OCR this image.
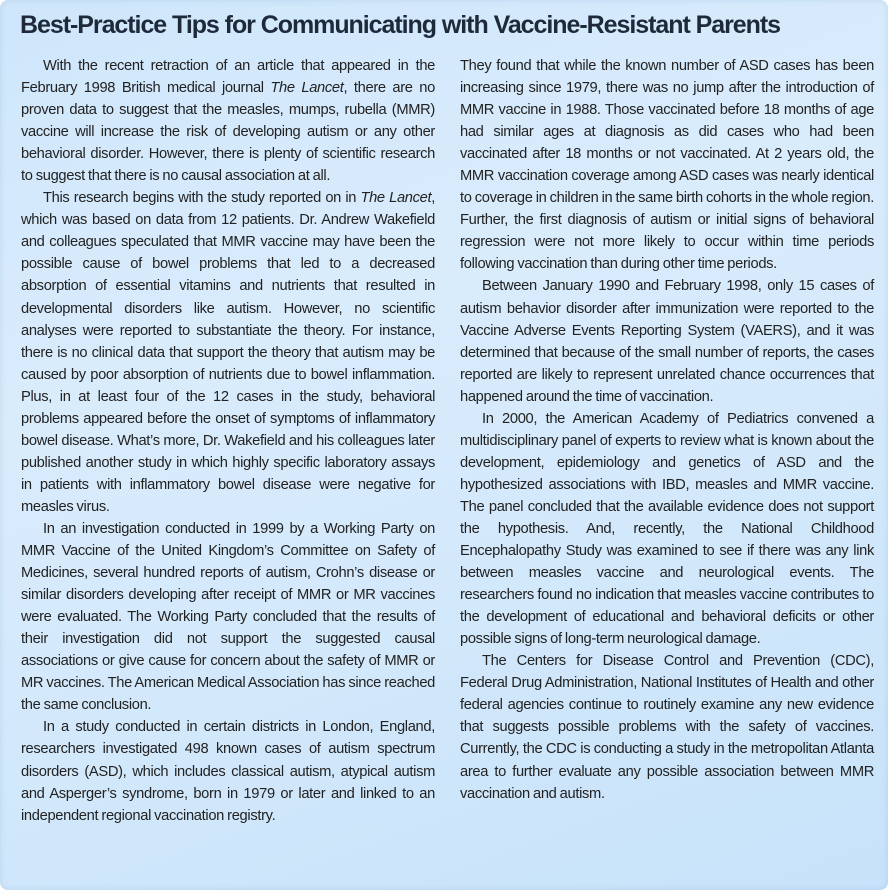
Best-Practice Tips for Communicating with Vaccine-Resistant Parents

With the recent retraction of an article that appeared in the February 1998 British medical journal The Lancet, there are no proven data to suggest that the measles, mumps, rubella (MMR) vaccine will increase the risk of developing autism or any other behavioral disorder. However, there is plenty of scientific research to suggest that there is no causal association at all.

This research begins with the study reported on in The Lancet, which was based on data from 12 patients. Dr. Andrew Wakefield and colleagues speculated that MMR vaccine may have been the possible cause of bowel problems that led to a decreased absorption of essential vitamins and nutrients that resulted in developmental disorders like autism. However, no scientific analyses were reported to substantiate the theory. For instance, there is no clinical data that support the theory that autism may be caused by poor absorption of nutrients due to bowel inflammation. Plus, in at least four of the 12 cases in the study, behavioral problems appeared before the onset of symptoms of inflammatory bowel disease. What’s more, Dr. Wakefield and his colleagues later published another study in which highly specific laboratory assays in patients with inflammatory bowel disease were negative for measles virus.

In an investigation conducted in 1999 by a Working Party on MMR Vaccine of the United Kingdom’s Committee on Safety of Medicines, several hundred reports of autism, Crohn’s disease or similar disorders developing after receipt of MMR or MR vaccines were evaluated. The Working Party concluded that the results of their investigation did not support the suggested causal associations or give cause for concern about the safety of MMR or MR vaccines. The American Medical Association has since reached the same conclusion.

In a study conducted in certain districts in London, England, researchers investigated 498 known cases of autism spectrum disorders (ASD), which includes classical autism, atypical autism and Asperger’s syndrome, born in 1979 or later and linked to an independent regional vaccination registry.

They found that while the known number of ASD cases has been increasing since 1979, there was no jump after the introduction of MMR vaccine in 1988. Those vaccinated before 18 months of age had similar ages at diagnosis as did cases who had been vaccinated after 18 months or not vaccinated. At 2 years old, the MMR vaccination coverage among ASD cases was nearly identical to coverage in children in the same birth cohorts in the whole region. Further, the first diagnosis of autism or initial signs of behavioral regression were not more likely to occur within time periods following vaccination than during other time periods.

Between January 1990 and February 1998, only 15 cases of autism behavior disorder after immunization were reported to the Vaccine Adverse Events Reporting System (VAERS), and it was determined that because of the small number of reports, the cases reported are likely to represent unrelated chance occurrences that happened around the time of vaccination.

In 2000, the American Academy of Pediatrics convened a multidisciplinary panel of experts to review what is known about the development, epidemiology and genetics of ASD and the hypothesized associations with IBD, measles and MMR vaccine. The panel concluded that the available evidence does not support the hypothesis. And, recently, the National Childhood Encephalopathy Study was examined to see if there was any link between measles vaccine and neurological events. The researchers found no indication that measles vaccine contributes to the development of educational and behavioral deficits or other possible signs of long-term neurological damage.

The Centers for Disease Control and Prevention (CDC), Federal Drug Administration, National Institutes of Health and other federal agencies continue to routinely examine any new evidence that suggests possible problems with the safety of vaccines. Currently, the CDC is conducting a study in the metropolitan Atlanta area to further evaluate any possible association between MMR vaccination and autism.
